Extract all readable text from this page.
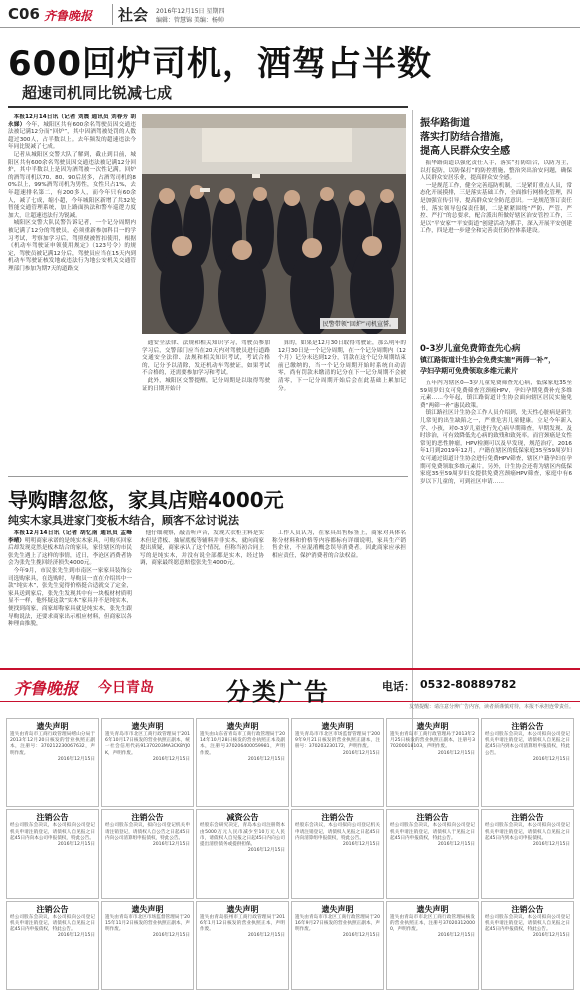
C06 齐鲁晚报	社会 2016年12月15日 星期四
编辑：管慧锦 美编：杨帅
600回炉司机，酒驾占半数
超速司机同比锐减七成

本报12月14日讯（记者 刘震 通讯员 刘春芳 胡永娣）今年，城阳区共有600余名驾驶员因交通违法被记满12分而“回炉”，其中因酒驾被处罚的人数超过300人，占半数以上。去年频发的超速违法今年同比锐减了七成。

记者从城阳区交警大队了解到，截止到目前，城阳区共有600余名驾驶员因交通违法被记满12分回炉，其中半数以上是因为酒驾被一次性记满。回炉的酒驾司机以70、80、90后居多，占酒驾司机的80%以上，99%酒驾司机为男性，女性只占1%，去年超速排名第二，有200多人，而今年只有60余人，减了七成，缩小超，今年城阳区新增了共32处智能交通管理系统，加上路面执法和警车巡逻力度加大，让超速违法行为锐减。

城阳区交警大队民警告诉记者，一个记分周期内被记满了12分的驾驶员，必须重新参加科目一的学习考试，考察加学习后，驾照便被暂扣使用，根据《机动车驾驶证申领使用规定》（123号令）的规定，驾驶员被记满12分后，驾驶员应当在15天内到机动车驾驶证核发地或违法行为地公安机关交通管理部门参加为期7天的道路交

民警带领“回炉”司机宣誓。

通安全法律、法规和相关知识学习，驾驶员参加学习后，交警部门应当在20天内对驾驶员进行道路交通安全法律、法规和相关知识考试，考试合格的，记分予以清除，发还机动车驾驶证，如果考试不合格的，还需要参加学习和考试。

此外，城阳区交警提醒，记分周期是以取得驾驶证的日期开始计

算的，如果是12月30日取得驾驶证，那么明年的12月30日是一个记分周期，在一个记分周期内（12个月）记分未达到12分，罚款在这个记分周期结束前已缴纳的，当一个记分周期开始时系统自动清零，尚有罚款未缴清的记分在下一记分周期不会被清零，下一记分周期开始后会在此基础上累加记分。

振华路街道
落实打防结合措施，
提高人民群众安全感

振华路街道以强化责任人手，落实“打防结合，以防为主，以打促防，以防保打”的防控措施，整治突出治安问题，确保人民群众安居乐业，提高群众安全感。

一是规范工作，健全完善巡防机制，二是紧盯重点人员，常态化开展摸排，三是落实基础工作，全面推行网格化管理，四是加强宣传引导，提高群众安全防范意识。一是规范签订责任书，落实领导包保责任制，二是紧紧围绕“严防、严管、严控、严打”的总要求，配合派出所做好辖区治安管控工作，三是以“平安家”“平安街道”创建活动为抓手，深入开展平安创建工作，四是进一步建全和完善责任防控体系建设。

0-3岁儿童免费筛查先心病
镇江路街道计生协会免费实施“两筛一补”，
孕妇孕期可免费领取多维元素片

五年内为辖区0—3岁儿童免费筛查先心病，低保家庭35至59周岁妇女可免费筛查宫颈癌HPV，孕妇孕期免费补充多维元素……今年起，镇江路街道计生协会面向辖区居民实施免费“两筛一补”惠民政策。

镇江路社区计生协会工作人员介绍到，先天性心脏病是新生儿常见的出生缺陷之一，严重危害儿童健康。立足今年新入学、小孩，对0-3岁儿童进行先心病早期筛查，早期发现、及时诊治，可有效降低先心病的致残和致死率。而宫颈癌是女性常见的恶性肿瘤，HPV检测可以及早发现，规范治疗，2016年1月到2019年12月，户籍在辖区的低保家庭35至59周岁妇女可通过街道计生协会进行免费HPV筛查，辖区户籍孕妇在孕期可免费领取多维元素片。另外，计生协会还将为辖区内低保家庭35至59周岁妇女提供免费宫颈癌HPV筛查，家庭中有6岁以下儿童的，可到社区申请……

导购瞎忽悠，家具店赔4000元
纯实木家具进家门变板木结合，顾客不忿讨说法

本报12月14日讯（记者 胡忆南 通讯员 孟峰 李晴）明明商家承诺的是纯实木家具，可购买回家后却发现竟然是板木结合的家具，家住辖区的市民张先生遇上了这样的事情，近日，李沧区消费者协会为张先生挽回经济损失4000元。

今年9月，市民张先生到市南区一家家具装饰公司选购家具，在选购时，导购员一直在介绍其中一款“纯实木”，张先生觉得价格挺合适就交了定金，家具送到家后，张先生发现其中有一块板材材质明显不一样，他怀疑这款“实木”家具并不是纯实木，便找到商家，商家却称家具就是纯实木，张先生跟导购说法，还要求商家出示相应材料，但商家以各种理由推脱，

他仔细观察，敲击听声音，发现大衣柜主料是实木但是背板、抽屉底板等辅料并非实木，就向商家提出质疑，商家承认了这个情况，但称当初合同上写的是纯实木，并没有说全部都是实木，经过协调，商家最终愿意赔偿张先生4000元。

工作人员认为，在家具出售标签上，商家对具体名称分材料和价格等内容都标有详细说明，家具生产销售企业，不应混淆概念误导消费者。因此商家应承担相应责任，保护消费者的合法权益。

齐鲁晚报 今日青岛	分类广告	电话： 0532-80889782
友情提醒：请注意分辨广告内容，读者须谨慎对待，本报不承担连带责任。
遗失声明
遗失由青岛市工商行政管理局崂山分局于2013年12月20日核发的营业执照正副本，注册号：370212230067632，声明作废。
2016年12月15日
遗失声明
遗失青岛市市北区工商行政管理局于2016年10月17日核发的营业执照正副本，统一社会信用代码91370203MA3CK8YJ0K，声明作废。
2016年12月15日
遗失声明
遗失由山东省青岛市工商行政管理局于2014年10月28日核发的营业执照正本及副本，注册号370206400059981，声明作废。
2016年12月15日
遗失声明
遗失青岛市市北区市场监督管理局于2009年9月21日核发的营业执照正副本，注册号：370203230172，声明作废。
2016年12月15日
遗失声明
遗失由青岛市工商行政管理局于2013年2月25日核发的营业执照正副本，注册号370200018103，声明作废。
2016年12月15日
注销公告
经公司股东会决议，本公司拟向公司登记机关申请注销登记，请债权人自见报之日起45日内到本公司清算组申报债权，特此公告。
2016年12月15日
注销公告
经公司股东会决议，本公司拟向公司登记机关申请注销登记，请债权人自见报之日起45日内向本公司申报债权，特此公告。
2016年12月15日
注销公告
经公司股东会决议，拟向公司登记机关申请注销登记，请债权人自公告之日起45日内向公司清算组申报债权，特此公告。
2016年12月15日
减资公告
经股东会研究决定，青岛本公司注册资本由5000万元人民币减少至10万元人民币，请债权人自见报之日起45日内向公司提出清偿债务或提供担保。
2016年12月15日
注销公告
经股东会决议，本公司拟向公司登记机关申请注销登记，请债权人见报之日起45日内向清算组申报债权，特此公告。
2016年12月15日
注销公告
经公司股东会决议，本公司拟向公司登记机关申请注销登记，请债权人于见报之日起45日内申报债权，特此公告。
2016年12月15日
注销公告
经公司股东会决议，本公司拟向公司登记机关申请注销登记，请债权人自见报之日起45日内到本公司申报债权。
2016年12月15日
注销公告
经公司股东会决议，本公司拟向公司登记机关申请注销登记，请债权人自见报之日起45日内申报债权，特此公告。
2016年12月15日
遗失声明
遗失由青岛市市北区市场监督管理局于2015年11月2日核发的营业执照正副本，声明作废。
2016年12月15日
遗失声明
遗失由青岛胶州市工商行政管理局于2016年1月12日核发的营业执照正本，声明作废。
2016年12月15日
遗失声明
遗失由青岛市市北区工商行政管理局于2016年9月27日核发的营业执照正副本，声明作废。
2016年12月15日
遗失声明
遗失由青岛市市北区工商行政管理局核发的营业执照正本，注册号370203120000，声明作废。
2016年12月15日
注销公告
经公司股东会决议，本公司拟向公司登记机关申请注销登记，请债权人自见报之日起45日内申报债权，特此公告。
2016年12月15日
